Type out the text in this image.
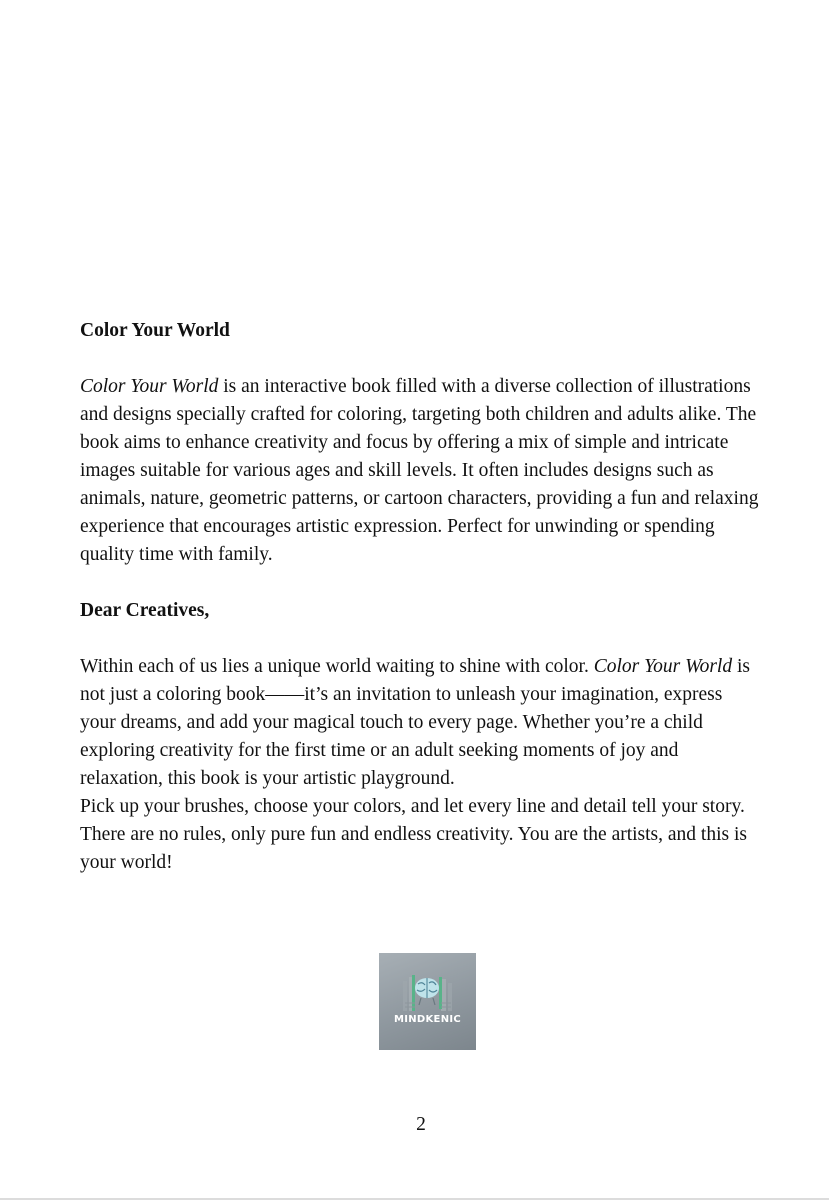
Color Your World

Color Your World is an interactive book filled with a diverse collection of illustrations and designs specially crafted for coloring, targeting both children and adults alike. The book aims to enhance creativity and focus by offering a mix of simple and intricate images suitable for various ages and skill levels. It often includes designs such as animals, nature, geometric patterns, or cartoon characters, providing a fun and relaxing experience that encourages artistic expression. Perfect for unwinding or spending quality time with family.

Dear Creatives,

Within each of us lies a unique world waiting to shine with color. Color Your World is not just a coloring book——it’s an invitation to unleash your imagination, express your dreams, and add your magical touch to every page. Whether you’re a child exploring creativity for the first time or an adult seeking moments of joy and relaxation, this book is your artistic playground.

Pick up your brushes, choose your colors, and let every line and detail tell your story. There are no rules, only pure fun and endless creativity. You are the artists, and this is your world!

MINDKENIC
2
